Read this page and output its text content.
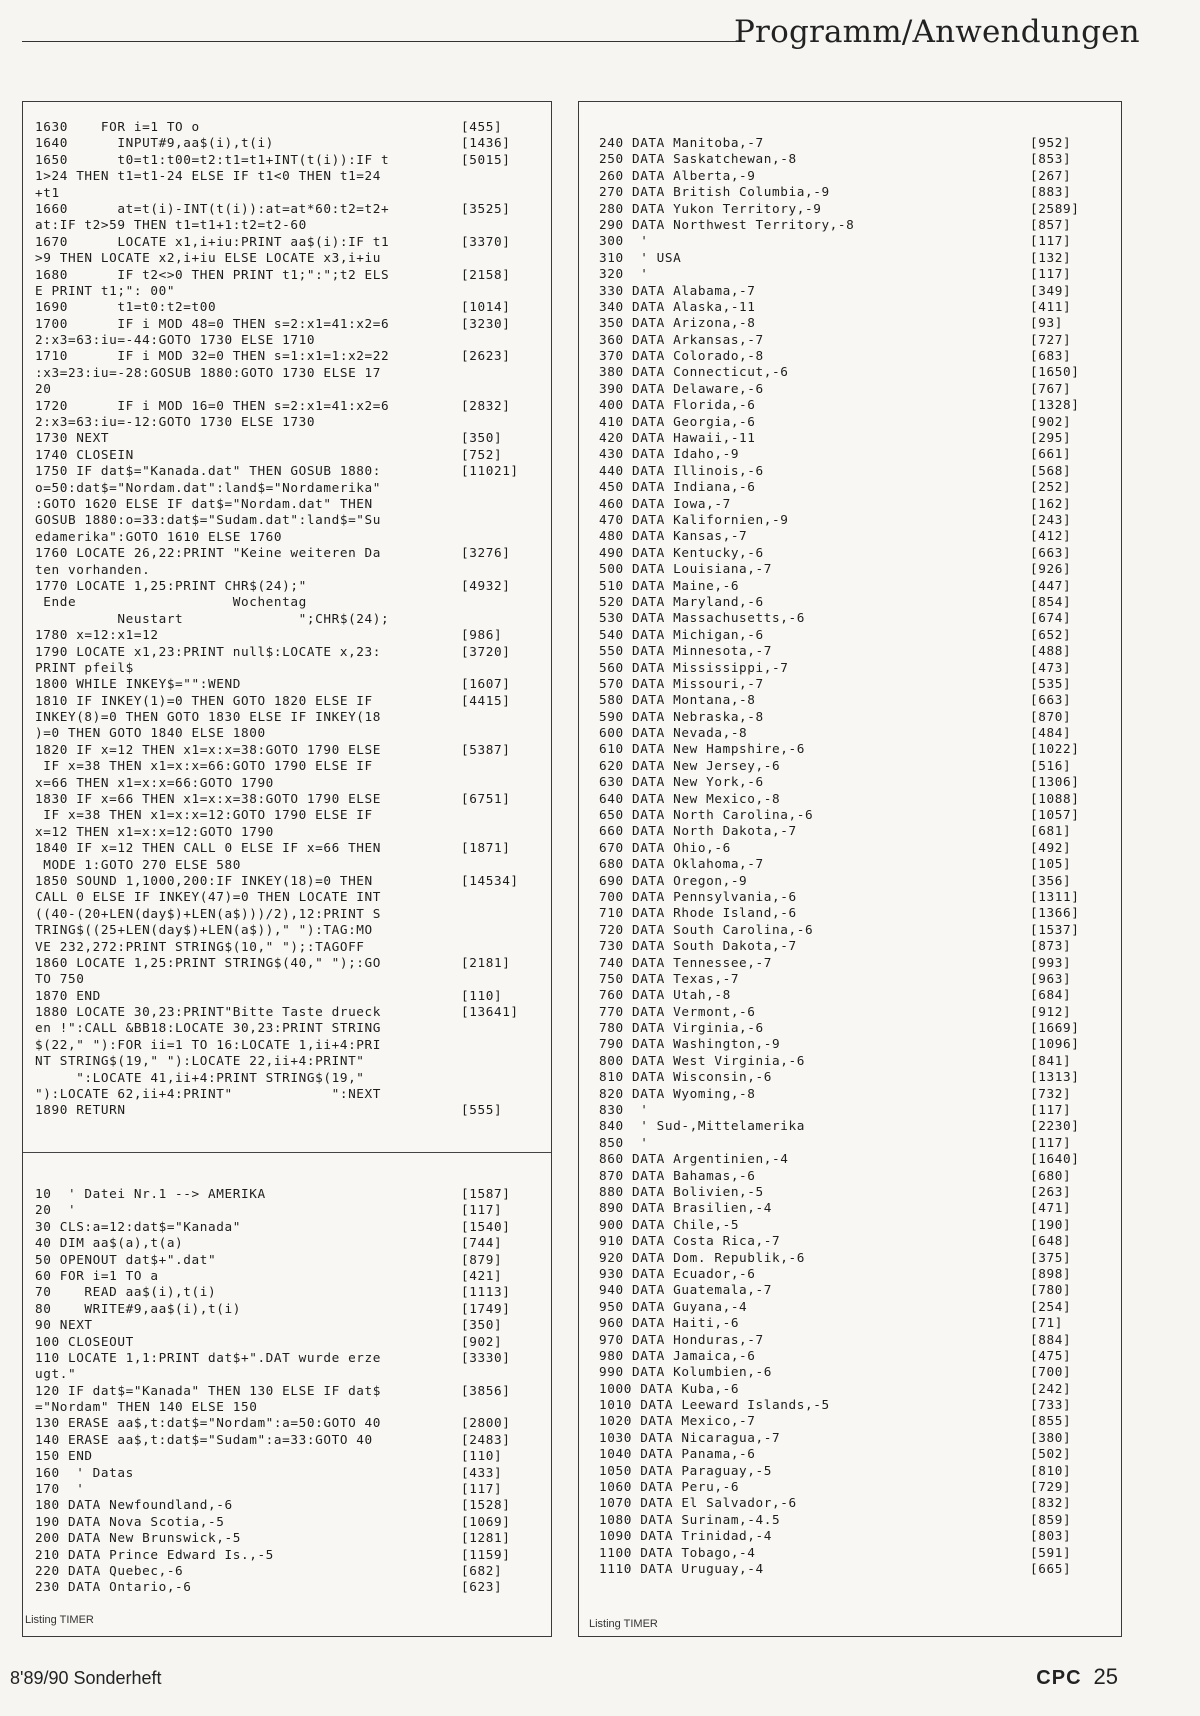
Programm/Anwendungen
1630    FOR i=1 TO o
1640      INPUT#9,aa$(i),t(i)
1650      t0=t1:t00=t2:t1=t1+INT(t(i)):IF t
1>24 THEN t1=t1-24 ELSE IF t1<0 THEN t1=24
+t1
1660      at=t(i)-INT(t(i)):at=at*60:t2=t2+
at:IF t2>59 THEN t1=t1+1:t2=t2-60
1670      LOCATE x1,i+iu:PRINT aa$(i):IF t1
>9 THEN LOCATE x2,i+iu ELSE LOCATE x3,i+iu
1680      IF t2<>0 THEN PRINT t1;":";t2 ELS
E PRINT t1;": 00"
1690      t1=t0:t2=t00
1700      IF i MOD 48=0 THEN s=2:x1=41:x2=6
2:x3=63:iu=-44:GOTO 1730 ELSE 1710
1710      IF i MOD 32=0 THEN s=1:x1=1:x2=22
:x3=23:iu=-28:GOSUB 1880:GOTO 1730 ELSE 17
20
1720      IF i MOD 16=0 THEN s=2:x1=41:x2=6
2:x3=63:iu=-12:GOTO 1730 ELSE 1730
1730 NEXT
1740 CLOSEIN
1750 IF dat$="Kanada.dat" THEN GOSUB 1880:
o=50:dat$="Nordam.dat":land$="Nordamerika"
:GOTO 1620 ELSE IF dat$="Nordam.dat" THEN
GOSUB 1880:o=33:dat$="Sudam.dat":land$="Su
edamerika":GOTO 1610 ELSE 1760
1760 LOCATE 26,22:PRINT "Keine weiteren Da
ten vorhanden.
1770 LOCATE 1,25:PRINT CHR$(24);"
Ende                   Wochentag
Neustart              ";CHR$(24);
1780 x=12:x1=12
1790 LOCATE x1,23:PRINT null$:LOCATE x,23:
PRINT pfeil$
1800 WHILE INKEY$="":WEND
1810 IF INKEY(1)=0 THEN GOTO 1820 ELSE IF
INKEY(8)=0 THEN GOTO 1830 ELSE IF INKEY(18
)=0 THEN GOTO 1840 ELSE 1800
1820 IF x=12 THEN x1=x:x=38:GOTO 1790 ELSE
IF x=38 THEN x1=x:x=66:GOTO 1790 ELSE IF
x=66 THEN x1=x:x=66:GOTO 1790
1830 IF x=66 THEN x1=x:x=38:GOTO 1790 ELSE
IF x=38 THEN x1=x:x=12:GOTO 1790 ELSE IF
x=12 THEN x1=x:x=12:GOTO 1790
1840 IF x=12 THEN CALL 0 ELSE IF x=66 THEN
MODE 1:GOTO 270 ELSE 580
1850 SOUND 1,1000,200:IF INKEY(18)=0 THEN
CALL 0 ELSE IF INKEY(47)=0 THEN LOCATE INT
((40-(20+LEN(day$)+LEN(a$)))/2),12:PRINT S
TRING$((25+LEN(day$)+LEN(a$))," "):TAG:MO
VE 232,272:PRINT STRING$(10," ");:TAGOFF
1860 LOCATE 1,25:PRINT STRING$(40," ");:GO
TO 750
1870 END
1880 LOCATE 30,23:PRINT"Bitte Taste drueck
en !":CALL &BB18:LOCATE 30,23:PRINT STRING
$(22," "):FOR ii=1 TO 16:LOCATE 1,ii+4:PRI
NT STRING$(19," "):LOCATE 22,ii+4:PRINT"
":LOCATE 41,ii+4:PRINT STRING$(19,"
"):LOCATE 62,ii+4:PRINT"            ":NEXT
1890 RETURN
[455]
[1436]
[5015]
[3525]
[3370]
[2158]
[1014]
[3230]
[2623]
[2832]
[350]
[752]
[11021]
[3276]
[4932]
[986]
[3720]
[1607]
[4415]
[5387]
[6751]
[1871]
[14534]
[2181]
[110]
[13641]
[555]
10  ' Datei Nr.1 --> AMERIKA
20  '
30 CLS:a=12:dat$="Kanada"
40 DIM aa$(a),t(a)
50 OPENOUT dat$+".dat"
60 FOR i=1 TO a
70    READ aa$(i),t(i)
80    WRITE#9,aa$(i),t(i)
90 NEXT
100 CLOSEOUT
110 LOCATE 1,1:PRINT dat$+".DAT wurde erze
ugt."
120 IF dat$="Kanada" THEN 130 ELSE IF dat$
="Nordam" THEN 140 ELSE 150
130 ERASE aa$,t:dat$="Nordam":a=50:GOTO 40
140 ERASE aa$,t:dat$="Sudam":a=33:GOTO 40
150 END
160  ' Datas
170  '
180 DATA Newfoundland,-6
190 DATA Nova Scotia,-5
200 DATA New Brunswick,-5
210 DATA Prince Edward Is.,-5
220 DATA Quebec,-6
230 DATA Ontario,-6
[1587]
[117]
[1540]
[744]
[879]
[421]
[1113]
[1749]
[350]
[902]
[3330]
[3856]
[2800]
[2483]
[110]
[433]
[117]
[1528]
[1069]
[1281]
[1159]
[682]
[623]
Listing TIMER
240 DATA Manitoba,-7
250 DATA Saskatchewan,-8
260 DATA Alberta,-9
270 DATA British Columbia,-9
280 DATA Yukon Territory,-9
290 DATA Northwest Territory,-8
300  '
310  ' USA
320  '
330 DATA Alabama,-7
340 DATA Alaska,-11
350 DATA Arizona,-8
360 DATA Arkansas,-7
370 DATA Colorado,-8
380 DATA Connecticut,-6
390 DATA Delaware,-6
400 DATA Florida,-6
410 DATA Georgia,-6
420 DATA Hawaii,-11
430 DATA Idaho,-9
440 DATA Illinois,-6
450 DATA Indiana,-6
460 DATA Iowa,-7
470 DATA Kalifornien,-9
480 DATA Kansas,-7
490 DATA Kentucky,-6
500 DATA Louisiana,-7
510 DATA Maine,-6
520 DATA Maryland,-6
530 DATA Massachusetts,-6
540 DATA Michigan,-6
550 DATA Minnesota,-7
560 DATA Mississippi,-7
570 DATA Missouri,-7
580 DATA Montana,-8
590 DATA Nebraska,-8
600 DATA Nevada,-8
610 DATA New Hampshire,-6
620 DATA New Jersey,-6
630 DATA New York,-6
640 DATA New Mexico,-8
650 DATA North Carolina,-6
660 DATA North Dakota,-7
670 DATA Ohio,-6
680 DATA Oklahoma,-7
690 DATA Oregon,-9
700 DATA Pennsylvania,-6
710 DATA Rhode Island,-6
720 DATA South Carolina,-6
730 DATA South Dakota,-7
740 DATA Tennessee,-7
750 DATA Texas,-7
760 DATA Utah,-8
770 DATA Vermont,-6
780 DATA Virginia,-6
790 DATA Washington,-9
800 DATA West Virginia,-6
810 DATA Wisconsin,-6
820 DATA Wyoming,-8
830  '
840  ' Sud-,Mittelamerika
850  '
860 DATA Argentinien,-4
870 DATA Bahamas,-6
880 DATA Bolivien,-5
890 DATA Brasilien,-4
900 DATA Chile,-5
910 DATA Costa Rica,-7
920 DATA Dom. Republik,-6
930 DATA Ecuador,-6
940 DATA Guatemala,-7
950 DATA Guyana,-4
960 DATA Haiti,-6
970 DATA Honduras,-7
980 DATA Jamaica,-6
990 DATA Kolumbien,-6
1000 DATA Kuba,-6
1010 DATA Leeward Islands,-5
1020 DATA Mexico,-7
1030 DATA Nicaragua,-7
1040 DATA Panama,-6
1050 DATA Paraguay,-5
1060 DATA Peru,-6
1070 DATA El Salvador,-6
1080 DATA Surinam,-4.5
1090 DATA Trinidad,-4
1100 DATA Tobago,-4
1110 DATA Uruguay,-4
[952]
[853]
[267]
[883]
[2589]
[857]
[117]
[132]
[117]
[349]
[411]
[93]
[727]
[683]
[1650]
[767]
[1328]
[902]
[295]
[661]
[568]
[252]
[162]
[243]
[412]
[663]
[926]
[447]
[854]
[674]
[652]
[488]
[473]
[535]
[663]
[870]
[484]
[1022]
[516]
[1306]
[1088]
[1057]
[681]
[492]
[105]
[356]
[1311]
[1366]
[1537]
[873]
[993]
[963]
[684]
[912]
[1669]
[1096]
[841]
[1313]
[732]
[117]
[2230]
[117]
[1640]
[680]
[263]
[471]
[190]
[648]
[375]
[898]
[780]
[254]
[71]
[884]
[475]
[700]
[242]
[733]
[855]
[380]
[502]
[810]
[729]
[832]
[859]
[803]
[591]
[665]
Listing TIMER
8'89/90 Sonderheft	CPC 25
